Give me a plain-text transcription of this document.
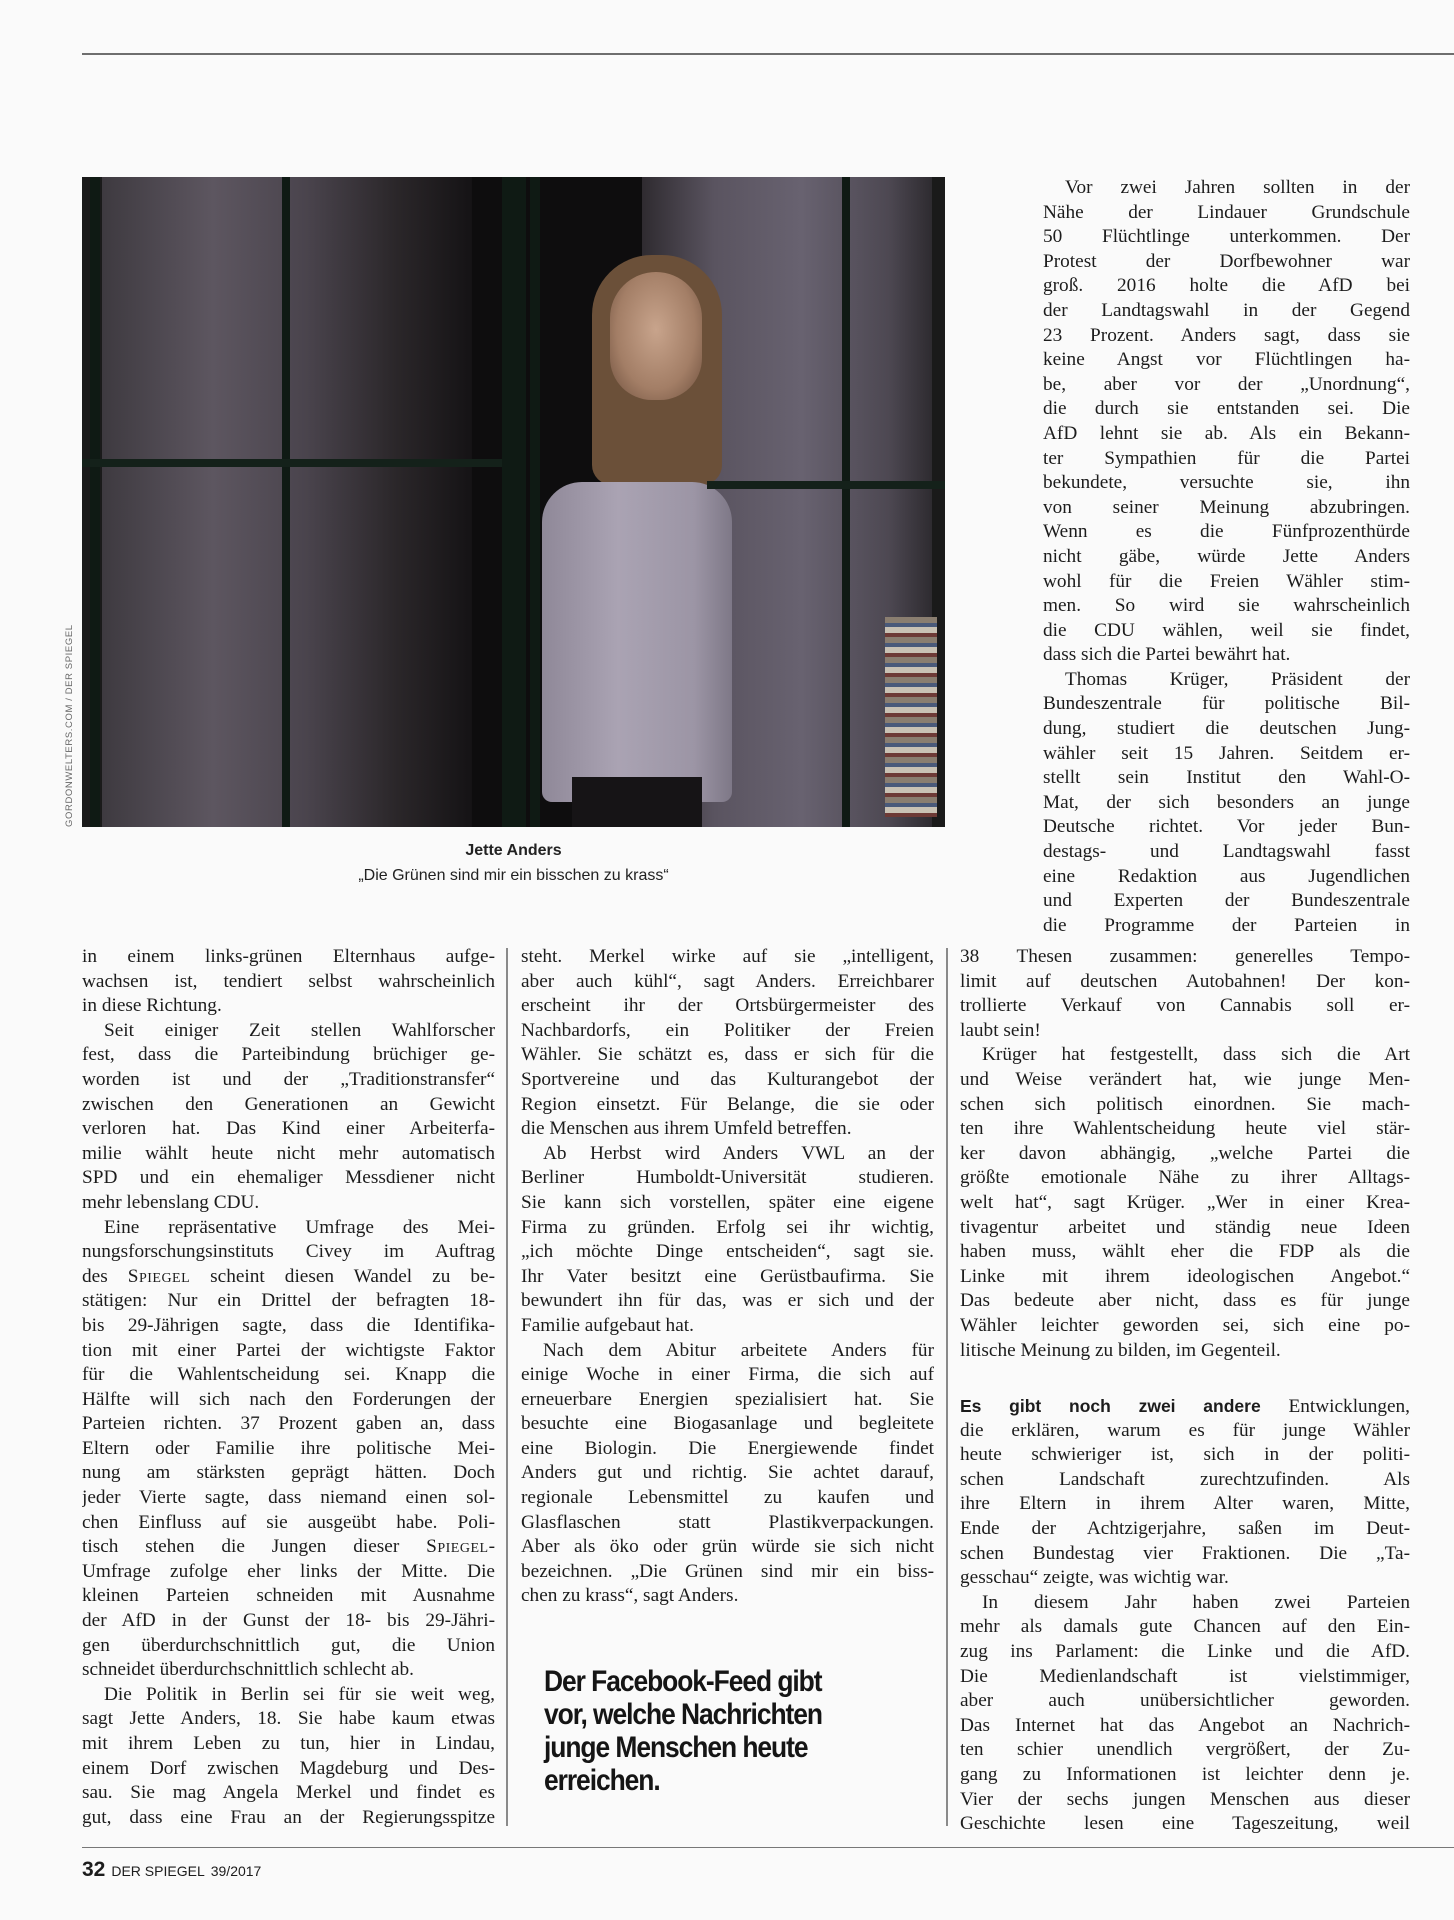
GORDONWELTERS.COM / DER SPIEGEL
Jette Anders
„Die Grünen sind mir ein bisschen zu krass“
Vor zwei Jahren sollten in der
Nähe der Lindauer Grundschule
50 Flüchtlinge unterkommen. Der
Protest der Dorfbewohner war
groß. 2016 holte die AfD bei
der Landtagswahl in der Gegend
23 Prozent. Anders sagt, dass sie
keine Angst vor Flüchtlingen ha-
be, aber vor der „Unordnung“,
die durch sie entstanden sei. Die
AfD lehnt sie ab. Als ein Bekann-
ter Sympathien für die Partei
bekundete, versuchte sie, ihn
von seiner Meinung abzubringen.
Wenn es die Fünfprozenthürde
nicht gäbe, würde Jette Anders
wohl für die Freien Wähler stim-
men. So wird sie wahrscheinlich
die CDU wählen, weil sie findet,
dass sich die Partei bewährt hat.
Thomas Krüger, Präsident der
Bundeszentrale für politische Bil-
dung, studiert die deutschen Jung-
wähler seit 15 Jahren. Seitdem er-
stellt sein Institut den Wahl-O-
Mat, der sich besonders an junge
Deutsche richtet. Vor jeder Bun-
destags- und Landtagswahl fasst
eine Redaktion aus Jugendlichen
und Experten der Bundeszentrale
die Programme der Parteien in
in einem links-grünen Elternhaus aufge-
wachsen ist, tendiert selbst wahrscheinlich
in diese Richtung.
Seit einiger Zeit stellen Wahlforscher
fest, dass die Parteibindung brüchiger ge-
worden ist und der „Traditionstransfer“
zwischen den Generationen an Gewicht
verloren hat. Das Kind einer Arbeiterfa-
milie wählt heute nicht mehr automatisch
SPD und ein ehemaliger Messdiener nicht
mehr lebenslang CDU.
Eine repräsentative Umfrage des Mei-
nungsforschungsinstituts Civey im Auftrag
des Spiegel scheint diesen Wandel zu be-
stätigen: Nur ein Drittel der befragten 18-
bis 29-Jährigen sagte, dass die Identifika-
tion mit einer Partei der wichtigste Faktor
für die Wahlentscheidung sei. Knapp die
Hälfte will sich nach den Forderungen der
Parteien richten. 37 Prozent gaben an, dass
Eltern oder Familie ihre politische Mei-
nung am stärksten geprägt hätten. Doch
jeder Vierte sagte, dass niemand einen sol-
chen Einfluss auf sie ausgeübt habe. Poli-
tisch stehen die Jungen dieser Spiegel-
Umfrage zufolge eher links der Mitte. Die
kleinen Parteien schneiden mit Ausnahme
der AfD in der Gunst der 18- bis 29-Jähri-
gen überdurchschnittlich gut, die Union
schneidet überdurchschnittlich schlecht ab.
Die Politik in Berlin sei für sie weit weg,
sagt Jette Anders, 18. Sie habe kaum etwas
mit ihrem Leben zu tun, hier in Lindau,
einem Dorf zwischen Magdeburg und Des-
sau. Sie mag Angela Merkel und findet es
gut, dass eine Frau an der Regierungsspitze
steht. Merkel wirke auf sie „intelligent,
aber auch kühl“, sagt Anders. Erreichbarer
erscheint ihr der Ortsbürgermeister des
Nachbardorfs, ein Politiker der Freien
Wähler. Sie schätzt es, dass er sich für die
Sportvereine und das Kulturangebot der
Region einsetzt. Für Belange, die sie oder
die Menschen aus ihrem Umfeld betreffen.
Ab Herbst wird Anders VWL an der
Berliner Humboldt-Universität studieren.
Sie kann sich vorstellen, später eine eigene
Firma zu gründen. Erfolg sei ihr wichtig,
„ich möchte Dinge entscheiden“, sagt sie.
Ihr Vater besitzt eine Gerüstbaufirma. Sie
bewundert ihn für das, was er sich und der
Familie aufgebaut hat.
Nach dem Abitur arbeitete Anders für
einige Woche in einer Firma, die sich auf
erneuerbare Energien spezialisiert hat. Sie
besuchte eine Biogasanlage und begleitete
eine Biologin. Die Energiewende findet
Anders gut und richtig. Sie achtet darauf,
regionale Lebensmittel zu kaufen und
Glasflaschen statt Plastikverpackungen.
Aber als öko oder grün würde sie sich nicht
bezeichnen. „Die Grünen sind mir ein biss-
chen zu krass“, sagt Anders.
38 Thesen zusammen: generelles Tempo-
limit auf deutschen Autobahnen! Der kon-
trollierte Verkauf von Cannabis soll er-
laubt sein!
Krüger hat festgestellt, dass sich die Art
und Weise verändert hat, wie junge Men-
schen sich politisch einordnen. Sie mach-
ten ihre Wahlentscheidung heute viel stär-
ker davon abhängig, „welche Partei die
größte emotionale Nähe zu ihrer Alltags-
welt hat“, sagt Krüger. „Wer in einer Krea-
tivagentur arbeitet und ständig neue Ideen
haben muss, wählt eher die FDP als die
Linke mit ihrem ideologischen Angebot.“
Das bedeute aber nicht, dass es für junge
Wähler leichter geworden sei, sich eine po-
litische Meinung zu bilden, im Gegenteil.
Es gibt noch zwei andere Entwicklungen,
die erklären, warum es für junge Wähler
heute schwieriger ist, sich in der politi-
schen Landschaft zurechtzufinden. Als
ihre Eltern in ihrem Alter waren, Mitte,
Ende der Achtzigerjahre, saßen im Deut-
schen Bundestag vier Fraktionen. Die „Ta-
gesschau“ zeigte, was wichtig war.
In diesem Jahr haben zwei Parteien
mehr als damals gute Chancen auf den Ein-
zug ins Parlament: die Linke und die AfD.
Die Medienlandschaft ist vielstimmiger,
aber auch unübersichtlicher geworden.
Das Internet hat das Angebot an Nachrich-
ten schier unendlich vergrößert, der Zu-
gang zu Informationen ist leichter denn je.
Vier der sechs jungen Menschen aus dieser
Geschichte lesen eine Tageszeitung, weil
Der Facebook-Feed gibt
vor, welche Nachrichten
junge Menschen heute
erreichen.
32 DER SPIEGEL 39/2017
